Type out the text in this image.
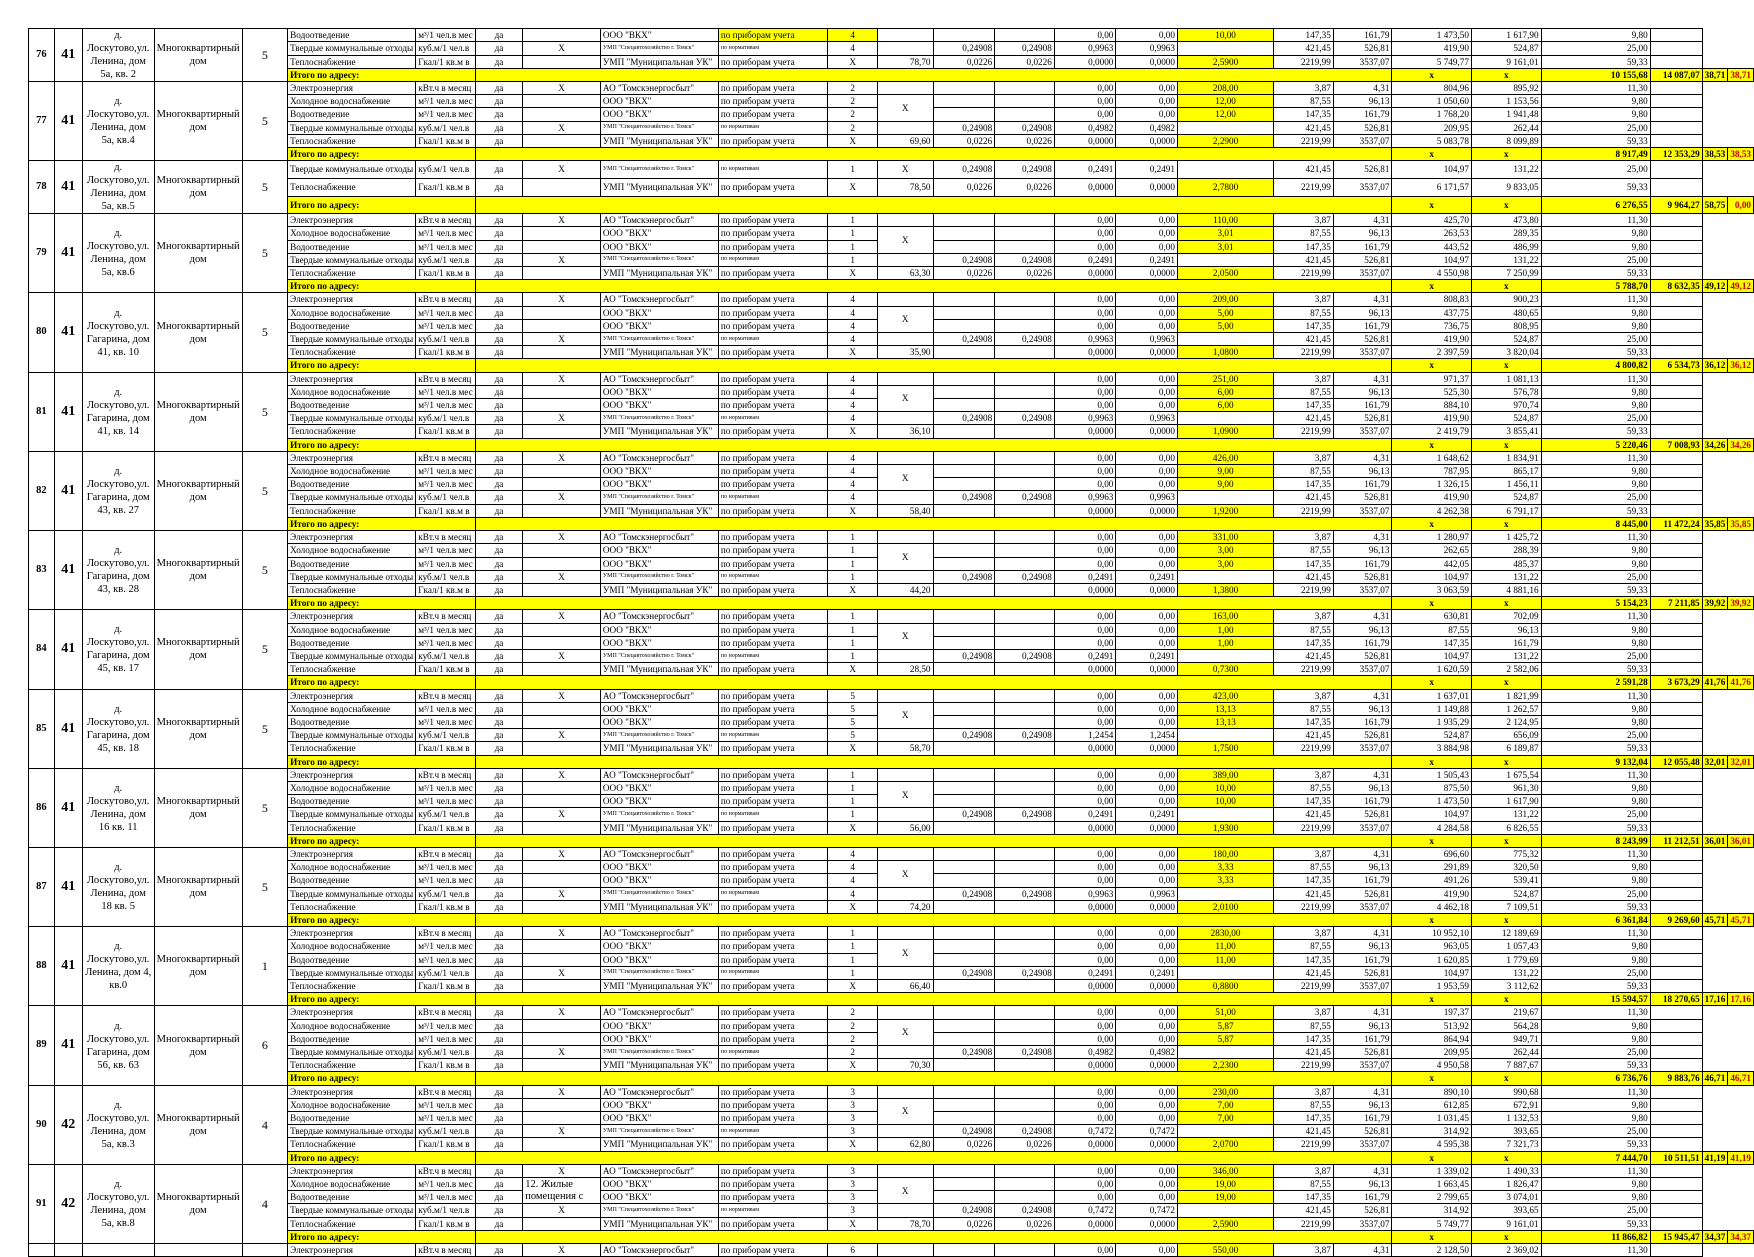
76	41	д. Лоскутово,ул. Ленина, дом 5а, кв. 2	Многоквартирный дом	5	Водоотведение	м³/1 чел.в мес	да		ООО "ВКХ"	по приборам учета	4				0,00	0,00	10,00	147,35	161,79	1 473,50	1 617,90	9,80			
					Твердые коммунальные отходы	куб.м/1 чел.в	да	X	УМП "Спецавтохозяйство г. Томск"	по нормативам	4		0,24908	0,24908	0,9963	0,9963		421,45	526,81	419,90	524,87	25,00			
					Теплоснабжение	Гкал/1 кв.м в	да		УМП "Муниципальная УК"	по приборам учета	X	78,70	0,0226	0,0226	0,0000	0,0000	2,5900	2219,99	3537,07	5 749,77	9 161,01	59,33			
					Итого по адресу:															x	x	10 155,68	14 087,07	38,71	38,71
77	41	д. Лоскутово,ул. Ленина, дом 5а, кв.4	Многоквартирный дом	5	Электроэнергия	кВт.ч в месяц	да	X	АО "Томскэнергосбыт"	по приборам учета	2				0,00	0,00	208,00	3,87	4,31	804,96	895,92	11,30			
					Холодное водоснабжение	м³/1 чел.в мес	да		ООО "ВКХ"	по приборам учета	2	X			0,00	0,00	12,00	87,55	96,13	1 050,60	1 153,56	9,80			
					Водоотведение	м³/1 чел.в мес	да		ООО "ВКХ"	по приборам учета	2				0,00	0,00	12,00	147,35	161,79	1 768,20	1 941,48	9,80			
					Твердые коммунальные отходы	куб.м/1 чел.в	да	X	УМП "Спецавтохозяйство г. Томск"	по нормативам	2		0,24908	0,24908	0,4982	0,4982		421,45	526,81	209,95	262,44	25,00			
					Теплоснабжение	Гкал/1 кв.м в	да		УМП "Муниципальная УК"	по приборам учета	X	69,60	0,0226	0,0226	0,0000	0,0000	2,2900	2219,99	3537,07	5 083,78	8 099,89	59,33			
					Итого по адресу:															x	x	8 917,49	12 353,29	38,53	38,53
78	41	д. Лоскутово,ул. Ленина, дом 5а, кв.5	Многоквартирный дом	5	Твердые коммунальные отходы	куб.м/1 чел.в	да	X	УМП "Спецавтохозяйство г. Томск"	по нормативам	1	X	0,24908	0,24908	0,2491	0,2491		421,45	526,81	104,97	131,22	25,00			
					Теплоснабжение	Гкал/1 кв.м в	да		УМП "Муниципальная УК"	по приборам учета	X	78,50	0,0226	0,0226	0,0000	0,0000	2,7800	2219,99	3537,07	6 171,57	9 833,05	59,33			
					Итого по адресу:															x	x	6 276,55	9 964,27	58,75	0,00
79	41	д. Лоскутово,ул. Ленина, дом 5а, кв.6	Многоквартирный дом	5	Электроэнергия	кВт.ч в месяц	да	X	АО "Томскэнергосбыт"	по приборам учета	1				0,00	0,00	110,00	3,87	4,31	425,70	473,80	11,30			
					Холодное водоснабжение	м³/1 чел.в мес	да		ООО "ВКХ"	по приборам учета	1	X			0,00	0,00	3,01	87,55	96,13	263,53	289,35	9,80			
					Водоотведение	м³/1 чел.в мес	да		ООО "ВКХ"	по приборам учета	1				0,00	0,00	3,01	147,35	161,79	443,52	486,99	9,80			
					Твердые коммунальные отходы	куб.м/1 чел.в	да	X	УМП "Спецавтохозяйство г. Томск"	по нормативам	1		0,24908	0,24908	0,2491	0,2491		421,45	526,81	104,97	131,22	25,00			
					Теплоснабжение	Гкал/1 кв.м в	да		УМП "Муниципальная УК"	по приборам учета	X	63,30	0,0226	0,0226	0,0000	0,0000	2,0500	2219,99	3537,07	4 550,98	7 250,99	59,33			
					Итого по адресу:															x	x	5 788,70	8 632,35	49,12	49,12
80	41	д. Лоскутово,ул. Гагарина, дом 41, кв. 10	Многоквартирный дом	5	Электроэнергия	кВт.ч в месяц	да	X	АО "Томскэнергосбыт"	по приборам учета	4				0,00	0,00	209,00	3,87	4,31	808,83	900,23	11,30			
					Холодное водоснабжение	м³/1 чел.в мес	да		ООО "ВКХ"	по приборам учета	4	X			0,00	0,00	5,00	87,55	96,13	437,75	480,65	9,80			
					Водоотведение	м³/1 чел.в мес	да		ООО "ВКХ"	по приборам учета	4				0,00	0,00	5,00	147,35	161,79	736,75	808,95	9,80			
					Твердые коммунальные отходы	куб.м/1 чел.в	да	X	УМП "Спецавтохозяйство г. Томск"	по нормативам	4		0,24908	0,24908	0,9963	0,9963		421,45	526,81	419,90	524,87	25,00			
					Теплоснабжение	Гкал/1 кв.м в	да		УМП "Муниципальная УК"	по приборам учета	X	35,90			0,0000	0,0000	1,0800	2219,99	3537,07	2 397,59	3 820,04	59,33			
					Итого по адресу:															x	x	4 800,82	6 534,73	36,12	36,12
81	41	д. Лоскутово,ул. Гагарина, дом 41, кв. 14	Многоквартирный дом	5	Электроэнергия	кВт.ч в месяц	да	X	АО "Томскэнергосбыт"	по приборам учета	4				0,00	0,00	251,00	3,87	4,31	971,37	1 081,13	11,30			
					Холодное водоснабжение	м³/1 чел.в мес	да		ООО "ВКХ"	по приборам учета	4	X			0,00	0,00	6,00	87,55	96,13	525,30	576,78	9,80			
					Водоотведение	м³/1 чел.в мес	да		ООО "ВКХ"	по приборам учета	4				0,00	0,00	6,00	147,35	161,79	884,10	970,74	9,80			
					Твердые коммунальные отходы	куб.м/1 чел.в	да	X	УМП "Спецавтохозяйство г. Томск"	по нормативам	4		0,24908	0,24908	0,9963	0,9963		421,45	526,81	419,90	524,87	25,00			
					Теплоснабжение	Гкал/1 кв.м в	да		УМП "Муниципальная УК"	по приборам учета	X	36,10			0,0000	0,0000	1,0900	2219,99	3537,07	2 419,79	3 855,41	59,33			
					Итого по адресу:															x	x	5 220,46	7 008,93	34,26	34,26
82	41	д. Лоскутово,ул. Гагарина, дом 43, кв. 27	Многоквартирный дом	5	Электроэнергия	кВт.ч в месяц	да	X	АО "Томскэнергосбыт"	по приборам учета	4				0,00	0,00	426,00	3,87	4,31	1 648,62	1 834,91	11,30			
					Холодное водоснабжение	м³/1 чел.в мес	да		ООО "ВКХ"	по приборам учета	4	X			0,00	0,00	9,00	87,55	96,13	787,95	865,17	9,80			
					Водоотведение	м³/1 чел.в мес	да		ООО "ВКХ"	по приборам учета	4				0,00	0,00	9,00	147,35	161,79	1 326,15	1 456,11	9,80			
					Твердые коммунальные отходы	куб.м/1 чел.в	да	X	УМП "Спецавтохозяйство г. Томск"	по нормативам	4		0,24908	0,24908	0,9963	0,9963		421,45	526,81	419,90	524,87	25,00			
					Теплоснабжение	Гкал/1 кв.м в	да		УМП "Муниципальная УК"	по приборам учета	X	58,40			0,0000	0,0000	1,9200	2219,99	3537,07	4 262,38	6 791,17	59,33			
					Итого по адресу:															x	x	8 445,00	11 472,24	35,85	35,85
83	41	д. Лоскутово,ул. Гагарина, дом 43, кв. 28	Многоквартирный дом	5	Электроэнергия	кВт.ч в месяц	да	X	АО "Томскэнергосбыт"	по приборам учета	1				0,00	0,00	331,00	3,87	4,31	1 280,97	1 425,72	11,30			
					Холодное водоснабжение	м³/1 чел.в мес	да		ООО "ВКХ"	по приборам учета	1	X			0,00	0,00	3,00	87,55	96,13	262,65	288,39	9,80			
					Водоотведение	м³/1 чел.в мес	да		ООО "ВКХ"	по приборам учета	1				0,00	0,00	3,00	147,35	161,79	442,05	485,37	9,80			
					Твердые коммунальные отходы	куб.м/1 чел.в	да	X	УМП "Спецавтохозяйство г. Томск"	по нормативам	1		0,24908	0,24908	0,2491	0,2491		421,45	526,81	104,97	131,22	25,00			
					Теплоснабжение	Гкал/1 кв.м в	да		УМП "Муниципальная УК"	по приборам учета	X	44,20			0,0000	0,0000	1,3800	2219,99	3537,07	3 063,59	4 881,16	59,33			
					Итого по адресу:															x	x	5 154,23	7 211,85	39,92	39,92
84	41	д. Лоскутово,ул. Гагарина, дом 45, кв. 17	Многоквартирный дом	5	Электроэнергия	кВт.ч в месяц	да	X	АО "Томскэнергосбыт"	по приборам учета	1				0,00	0,00	163,00	3,87	4,31	630,81	702,09	11,30			
					Холодное водоснабжение	м³/1 чел.в мес	да		ООО "ВКХ"	по приборам учета	1	X			0,00	0,00	1,00	87,55	96,13	87,55	96,13	9,80			
					Водоотведение	м³/1 чел.в мес	да		ООО "ВКХ"	по приборам учета	1				0,00	0,00	1,00	147,35	161,79	147,35	161,79	9,80			
					Твердые коммунальные отходы	куб.м/1 чел.в	да	X	УМП "Спецавтохозяйство г. Томск"	по нормативам	1		0,24908	0,24908	0,2491	0,2491		421,45	526,81	104,97	131,22	25,00			
					Теплоснабжение	Гкал/1 кв.м в	да		УМП "Муниципальная УК"	по приборам учета	X	28,50			0,0000	0,0000	0,7300	2219,99	3537,07	1 620,59	2 582,06	59,33			
					Итого по адресу:															x	x	2 591,28	3 673,29	41,76	41,76
85	41	д. Лоскутово,ул. Гагарина, дом 45, кв. 18	Многоквартирный дом	5	Электроэнергия	кВт.ч в месяц	да	X	АО "Томскэнергосбыт"	по приборам учета	5				0,00	0,00	423,00	3,87	4,31	1 637,01	1 821,99	11,30			
					Холодное водоснабжение	м³/1 чел.в мес	да		ООО "ВКХ"	по приборам учета	5	X			0,00	0,00	13,13	87,55	96,13	1 149,88	1 262,57	9,80			
					Водоотведение	м³/1 чел.в мес	да		ООО "ВКХ"	по приборам учета	5				0,00	0,00	13,13	147,35	161,79	1 935,29	2 124,95	9,80			
					Твердые коммунальные отходы	куб.м/1 чел.в	да	X	УМП "Спецавтохозяйство г. Томск"	по нормативам	5		0,24908	0,24908	1,2454	1,2454		421,45	526,81	524,87	656,09	25,00			
					Теплоснабжение	Гкал/1 кв.м в	да		УМП "Муниципальная УК"	по приборам учета	X	58,70			0,0000	0,0000	1,7500	2219,99	3537,07	3 884,98	6 189,87	59,33			
					Итого по адресу:															x	x	9 132,04	12 055,48	32,01	32,01
86	41	д. Лоскутово,ул. Ленина, дом 16 кв. 11	Многоквартирный дом	5	Электроэнергия	кВт.ч в месяц	да	X	АО "Томскэнергосбыт"	по приборам учета	1				0,00	0,00	389,00	3,87	4,31	1 505,43	1 675,54	11,30			
					Холодное водоснабжение	м³/1 чел.в мес	да		ООО "ВКХ"	по приборам учета	1	X			0,00	0,00	10,00	87,55	96,13	875,50	961,30	9,80			
					Водоотведение	м³/1 чел.в мес	да		ООО "ВКХ"	по приборам учета	1				0,00	0,00	10,00	147,35	161,79	1 473,50	1 617,90	9,80			
					Твердые коммунальные отходы	куб.м/1 чел.в	да	X	УМП "Спецавтохозяйство г. Томск"	по нормативам	1		0,24908	0,24908	0,2491	0,2491		421,45	526,81	104,97	131,22	25,00			
					Теплоснабжение	Гкал/1 кв.м в	да		УМП "Муниципальная УК"	по приборам учета	X	56,00			0,0000	0,0000	1,9300	2219,99	3537,07	4 284,58	6 826,55	59,33			
					Итого по адресу:															x	x	8 243,99	11 212,51	36,01	36,01
87	41	д. Лоскутово,ул. Ленина, дом 18 кв. 5	Многоквартирный дом	5	Электроэнергия	кВт.ч в месяц	да	X	АО "Томскэнергосбыт"	по приборам учета	4				0,00	0,00	180,00	3,87	4,31	696,60	775,32	11,30			
					Холодное водоснабжение	м³/1 чел.в мес	да		ООО "ВКХ"	по приборам учета	4	X			0,00	0,00	3,33	87,55	96,13	291,89	320,50	9,80			
					Водоотведение	м³/1 чел.в мес	да		ООО "ВКХ"	по приборам учета	4				0,00	0,00	3,33	147,35	161,79	491,26	539,41	9,80			
					Твердые коммунальные отходы	куб.м/1 чел.в	да	X	УМП "Спецавтохозяйство г. Томск"	по нормативам	4		0,24908	0,24908	0,9963	0,9963		421,45	526,81	419,90	524,87	25,00			
					Теплоснабжение	Гкал/1 кв.м в	да		УМП "Муниципальная УК"	по приборам учета	X	74,20			0,0000	0,0000	2,0100	2219,99	3537,07	4 462,18	7 109,51	59,33			
					Итого по адресу:															x	x	6 361,84	9 269,60	45,71	45,71
88	41	д. Лоскутово,ул. Ленина, дом 4, кв.0	Многоквартирный дом	1	Электроэнергия	кВт.ч в месяц	да	X	АО "Томскэнергосбыт"	по приборам учета	1				0,00	0,00	2830,00	3,87	4,31	10 952,10	12 189,69	11,30			
					Холодное водоснабжение	м³/1 чел.в мес	да		ООО "ВКХ"	по приборам учета	1	X			0,00	0,00	11,00	87,55	96,13	963,05	1 057,43	9,80			
					Водоотведение	м³/1 чел.в мес	да		ООО "ВКХ"	по приборам учета	1				0,00	0,00	11,00	147,35	161,79	1 620,85	1 779,69	9,80			
					Твердые коммунальные отходы	куб.м/1 чел.в	да	X	УМП "Спецавтохозяйство г. Томск"	по нормативам	1		0,24908	0,24908	0,2491	0,2491		421,45	526,81	104,97	131,22	25,00			
					Теплоснабжение	Гкал/1 кв.м в	да		УМП "Муниципальная УК"	по приборам учета	X	66,40			0,0000	0,0000	0,8800	2219,99	3537,07	1 953,59	3 112,62	59,33			
					Итого по адресу:															x	x	15 594,57	18 270,65	17,16	17,16
89	41	д. Лоскутово,ул. Гагарина, дом 56, кв. 63	Многоквартирный дом	6	Электроэнергия	кВт.ч в месяц	да	X	АО "Томскэнергосбыт"	по приборам учета	2				0,00	0,00	51,00	3,87	4,31	197,37	219,67	11,30			
					Холодное водоснабжение	м³/1 чел.в мес	да		ООО "ВКХ"	по приборам учета	2	X			0,00	0,00	5,87	87,55	96,13	513,92	564,28	9,80			
					Водоотведение	м³/1 чел.в мес	да		ООО "ВКХ"	по приборам учета	2				0,00	0,00	5,87	147,35	161,79	864,94	949,71	9,80			
					Твердые коммунальные отходы	куб.м/1 чел.в	да	X	УМП "Спецавтохозяйство г. Томск"	по нормативам	2		0,24908	0,24908	0,4982	0,4982		421,45	526,81	209,95	262,44	25,00			
					Теплоснабжение	Гкал/1 кв.м в	да		УМП "Муниципальная УК"	по приборам учета	X	70,30			0,0000	0,0000	2,2300	2219,99	3537,07	4 950,58	7 887,67	59,33			
					Итого по адресу:															x	x	6 736,76	9 883,76	46,71	46,71
90	42	д. Лоскутово,ул. Ленина, дом 5а, кв.3	Многоквартирный дом	4	Электроэнергия	кВт.ч в месяц	да	X	АО "Томскэнергосбыт"	по приборам учета	3				0,00	0,00	230,00	3,87	4,31	890,10	990,68	11,30			
					Холодное водоснабжение	м³/1 чел.в мес	да		ООО "ВКХ"	по приборам учета	3	X			0,00	0,00	7,00	87,55	96,13	612,85	672,91	9,80			
					Водоотведение	м³/1 чел.в мес	да		ООО "ВКХ"	по приборам учета	3				0,00	0,00	7,00	147,35	161,79	1 031,45	1 132,53	9,80			
					Твердые коммунальные отходы	куб.м/1 чел.в	да	X	УМП "Спецавтохозяйство г. Томск"	по нормативам	3		0,24908	0,24908	0,7472	0,7472		421,45	526,81	314,92	393,65	25,00			
					Теплоснабжение	Гкал/1 кв.м в	да		УМП "Муниципальная УК"	по приборам учета	X	62,80	0,0226	0,0226	0,0000	0,0000	2,0700	2219,99	3537,07	4 595,38	7 321,73	59,33			
					Итого по адресу:															x	x	7 444,70	10 511,51	41,19	41,19
91	42	д. Лоскутово,ул. Ленина, дом 5а, кв.8	Многоквартирный дом	4	Электроэнергия	кВт.ч в месяц	да	X	АО "Томскэнергосбыт"	по приборам учета	3				0,00	0,00	346,00	3,87	4,31	1 339,02	1 490,33	11,30			
					Холодное водоснабжение	м³/1 чел.в мес	да	12. Жилые помещения с	ООО "ВКХ"	по приборам учета	3	X			0,00	0,00	19,00	87,55	96,13	1 663,45	1 826,47	9,80			
					Водоотведение	м³/1 чел.в мес	да		ООО "ВКХ"	по приборам учета	3				0,00	0,00	19,00	147,35	161,79	2 799,65	3 074,01	9,80			
					Твердые коммунальные отходы	куб.м/1 чел.в	да	X	УМП "Спецавтохозяйство г. Томск"	по нормативам	3		0,24908	0,24908	0,7472	0,7472		421,45	526,81	314,92	393,65	25,00			
					Теплоснабжение	Гкал/1 кв.м в	да		УМП "Муниципальная УК"	по приборам учета	X	78,70	0,0226	0,0226	0,0000	0,0000	2,5900	2219,99	3537,07	5 749,77	9 161,01	59,33			
					Итого по адресу:															x	x	11 866,82	15 945,47	34,37	34,37
					Электроэнергия	кВт.ч в месяц	да	X	АО "Томскэнергосбыт"	по приборам учета	6				0,00	0,00	550,00	3,87	4,31	2 128,50	2 369,02	11,30			
